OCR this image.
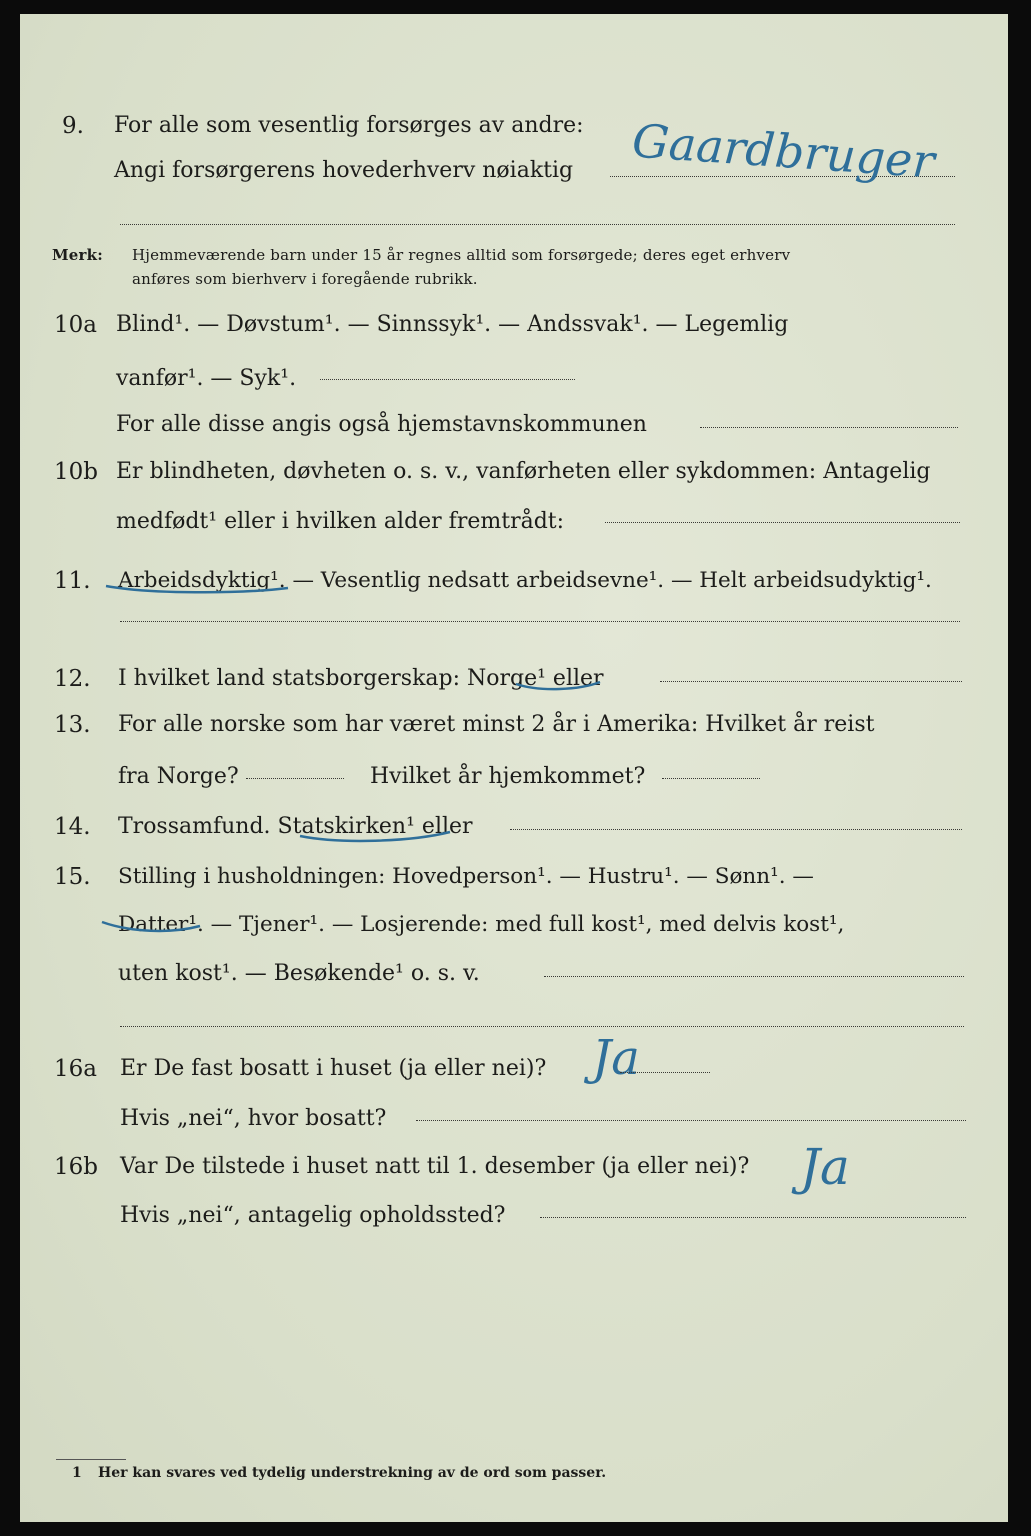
9. For alle som vesentlig forsørges av andre:
Angi forsørgerens hovederhverv nøiaktig Gaardbruger
Merk: Hjemmeværende barn under 15 år regnes alltid som forsørgede; deres eget erhverv
anføres som bierhverv i foregående rubrikk.
10a Blind¹. — Døvstum¹. — Sinnssyk¹. — Andssvak¹. — Legemlig
vanfør¹. — Syk¹.
For alle disse angis også hjemstavnskommunen
10b Er blindheten, døvheten o. s. v., vanførheten eller sykdommen: Antagelig
medfødt¹ eller i hvilken alder fremtrådt:
11. Arbeidsdyktig¹. — Vesentlig nedsatt arbeidsevne¹. — Helt arbeidsudyktig¹.
12. I hvilket land statsborgerskap: Norge¹ eller
13. For alle norske som har været minst 2 år i Amerika: Hvilket år reist
fra Norge?	Hvilket år hjemkommet?
14. Trossamfund. Statskirken¹ eller
15. Stilling i husholdningen: Hovedperson¹. — Hustru¹. — Sønn¹. —
Datter¹. — Tjener¹. — Losjerende: med full kost¹, med delvis kost¹,
uten kost¹. — Besøkende¹ o. s. v.
16a Er De fast bosatt i huset (ja eller nei)? Ja
Hvis „nei“, hvor bosatt?
16b Var De tilstede i huset natt til 1. desember (ja eller nei)? Ja
Hvis „nei“, antagelig opholdssted?
1 Her kan svares ved tydelig understrekning av de ord som passer.
